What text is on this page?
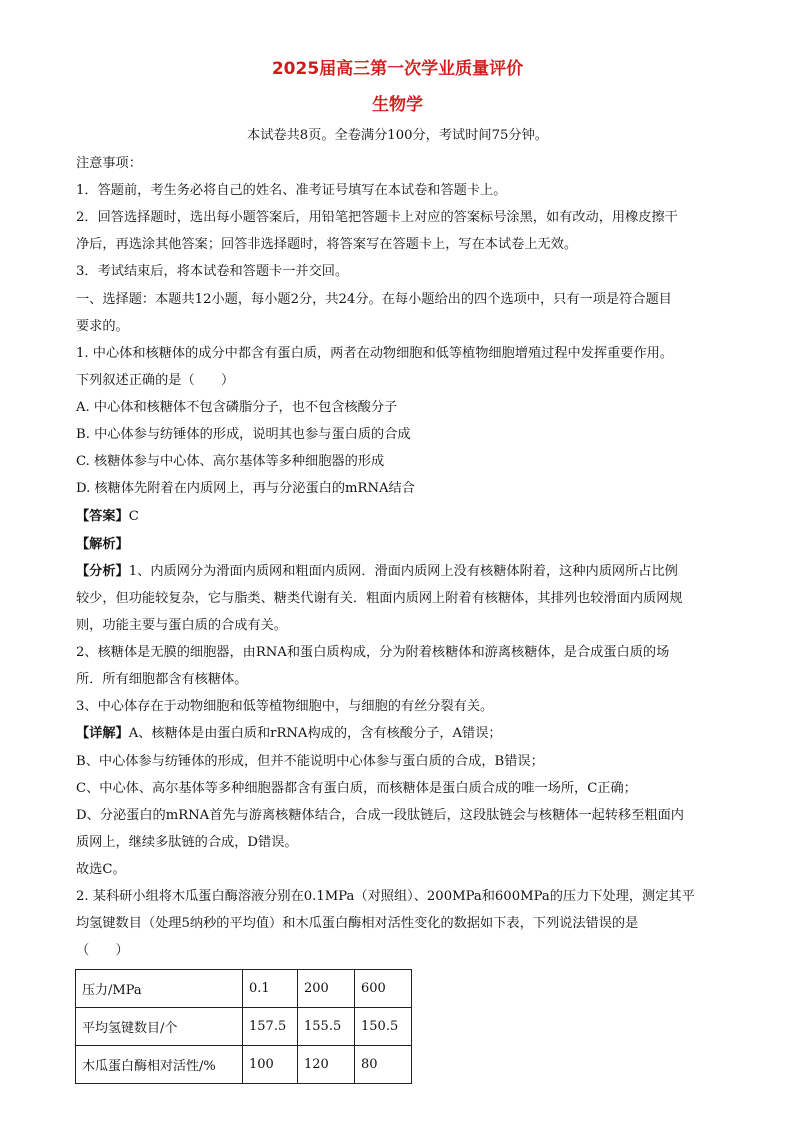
2025届高三第一次学业质量评价
生物学
本试卷共8页。全卷满分100分，考试时间75分钟。
注意事项：
1．答题前，考生务必将自己的姓名、准考证号填写在本试卷和答题卡上。
2．回答选择题时，选出每小题答案后，用铅笔把答题卡上对应的答案标号涂黑，如有改动，用橡皮擦干
净后，再选涂其他答案；回答非选择题时，将答案写在答题卡上，写在本试卷上无效。
3．考试结束后，将本试卷和答题卡一并交回。
一、选择题：本题共12小题，每小题2分，共24分。在每小题给出的四个选项中，只有一项是符合题目
要求的。
1. 中心体和核糖体的成分中都含有蛋白质，两者在动物细胞和低等植物细胞增殖过程中发挥重要作用。
下列叙述正确的是（　　）
A. 中心体和核糖体不包含磷脂分子，也不包含核酸分子
B. 中心体参与纺锤体的形成，说明其也参与蛋白质的合成
C. 核糖体参与中心体、高尔基体等多种细胞器的形成
D. 核糖体先附着在内质网上，再与分泌蛋白的mRNA结合
【答案】C
【解析】
【分析】1、内质网分为滑面内质网和粗面内质网．滑面内质网上没有核糖体附着，这种内质网所占比例
较少，但功能较复杂，它与脂类、糖类代谢有关．粗面内质网上附着有核糖体，其排列也较滑面内质网规
则，功能主要与蛋白质的合成有关。
2、核糖体是无膜的细胞器，由RNA和蛋白质构成，分为附着核糖体和游离核糖体，是合成蛋白质的场
所．所有细胞都含有核糖体。
3、中心体存在于动物细胞和低等植物细胞中，与细胞的有丝分裂有关。
【详解】A、核糖体是由蛋白质和rRNA构成的，含有核酸分子，A错误；
B、中心体参与纺锤体的形成，但并不能说明中心体参与蛋白质的合成，B错误；
C、中心体、高尔基体等多种细胞器都含有蛋白质，而核糖体是蛋白质合成的唯一场所，C正确；
D、分泌蛋白的mRNA首先与游离核糖体结合，合成一段肽链后，这段肽链会与核糖体一起转移至粗面内
质网上，继续多肽链的合成，D错误。
故选C。
2. 某科研小组将木瓜蛋白酶溶液分别在0.1MPa（对照组）、200MPa和600MPa的压力下处理，测定其平
均氢键数目（处理5纳秒的平均值）和木瓜蛋白酶相对活性变化的数据如下表，下列说法错误的是
（　　）
压力/MPa	0.1	200	600
平均氢键数目/个	157.5	155.5	150.5
木瓜蛋白酶相对活性/%	100	120	80
